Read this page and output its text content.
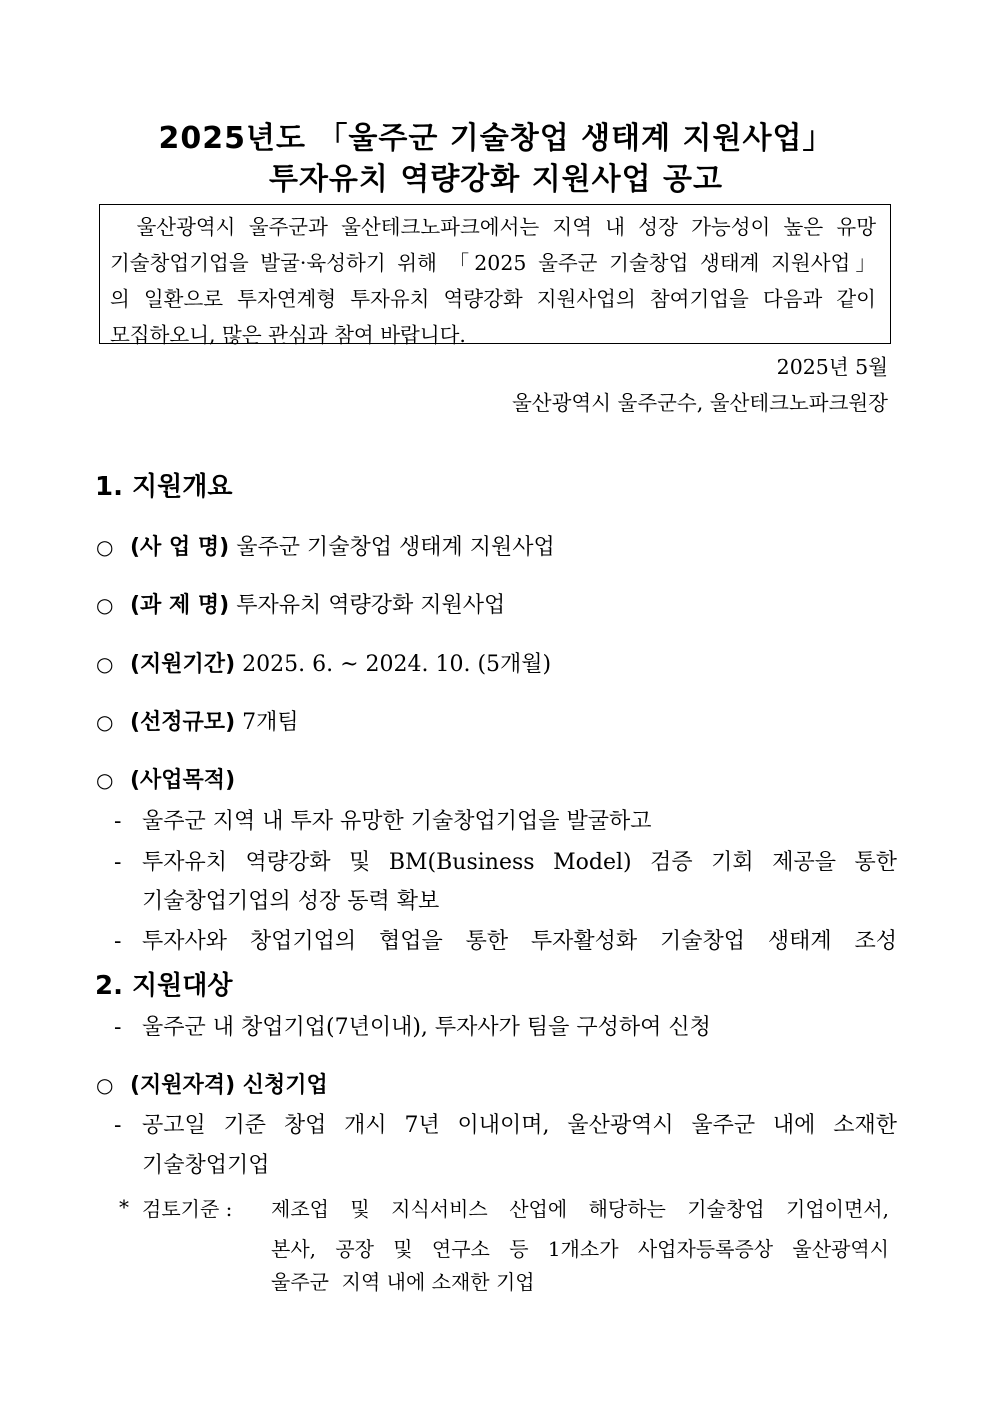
2025년도 「울주군 기술창업 생태계 지원사업」
투자유치 역량강화 지원사업 공고
울산광역시 울주군과 울산테크노파크에서는 지역 내 성장 가능성이 높은 유망
기술창업기업을 발굴·육성하기 위해 「2025 울주군 기술창업 생태계 지원사업」
의 일환으로 투자연계형 투자유치 역량강화 지원사업의 참여기업을 다음과 같이
모집하오니, 많은 관심과 참여 바랍니다.
2025년 5월
울산광역시 울주군수, 울산테크노파크원장
1. 지원개요
○ (사 업 명) 울주군 기술창업 생태계 지원사업
○ (과 제 명) 투자유치 역량강화 지원사업
○ (지원기간) 2025. 6. ~ 2024. 10. (5개월)
○ (선정규모) 7개팀
○ (사업목적)
- 울주군 지역 내 투자 유망한 기술창업기업을 발굴하고
- 투자유치 역량강화 및 BM(Business Model) 검증 기회 제공을 통한
기술창업기업의 성장 동력 확보
- 투자사와 창업기업의 협업을 통한 투자활성화 기술창업 생태계 조성
2. 지원대상
- 울주군 내 창업기업(7년이내), 투자사가 팀을 구성하여 신청
○ (지원자격) 신청기업
- 공고일 기준 창업 개시 7년 이내이며, 울산광역시 울주군 내에 소재한
기술창업기업
* 검토기준 : 제조업 및 지식서비스 산업에 해당하는 기술창업 기업이면서,
본사, 공장 및 연구소 등 1개소가 사업자등록증상 울산광역시
울주군  지역 내에 소재한 기업
